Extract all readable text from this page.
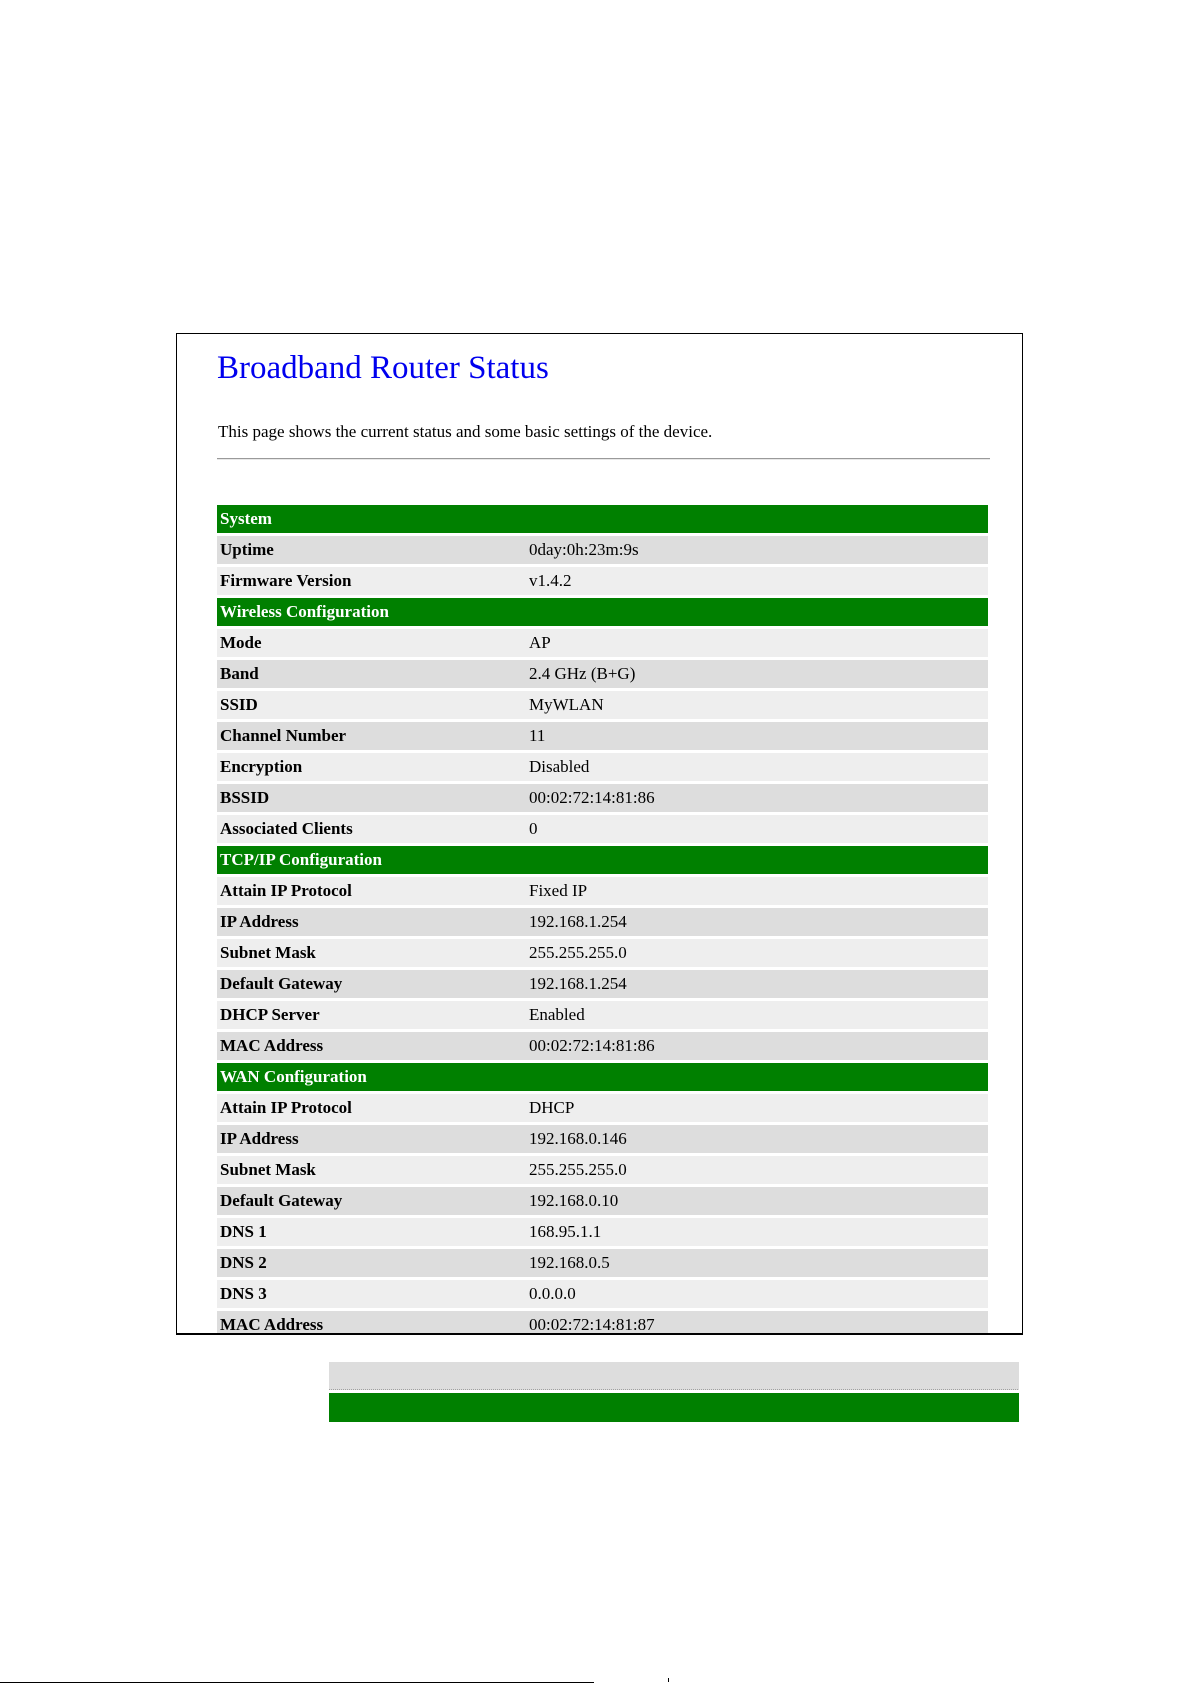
Broadband Router Status

This page shows the current status and some basic settings of the device.

System	
Uptime	0day:0h:23m:9s
Firmware Version	v1.4.2
Wireless Configuration	
Mode	AP
Band	2.4 GHz (B+G)
SSID	MyWLAN
Channel Number	11
Encryption	Disabled
BSSID	00:02:72:14:81:86
Associated Clients	0
TCP/IP Configuration	
Attain IP Protocol	Fixed IP
IP Address	192.168.1.254
Subnet Mask	255.255.255.0
Default Gateway	192.168.1.254
DHCP Server	Enabled
MAC Address	00:02:72:14:81:86
WAN Configuration	
Attain IP Protocol	DHCP
IP Address	192.168.0.146
Subnet Mask	255.255.255.0
Default Gateway	192.168.0.10
DNS 1	168.95.1.1
DNS 2	192.168.0.5
DNS 3	0.0.0.0
MAC Address	00:02:72:14:81:87
